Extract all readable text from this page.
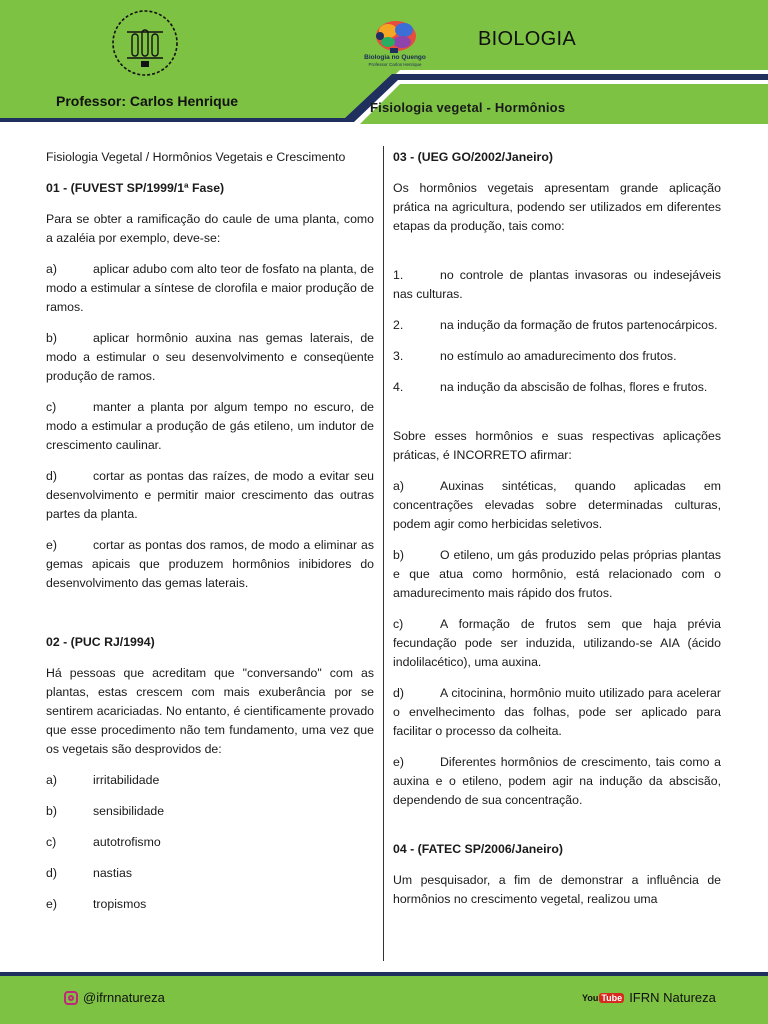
Professor: Carlos Henrique
Biologia no Quengo
Professor Carlos Henrique
BIOLOGIA
Fisiologia vegetal - Hormônios

Fisiologia Vegetal / Hormônios Vegetais e Crescimento

01 - (FUVEST SP/1999/1ª Fase)

Para se obter a ramificação do caule de uma planta, como a azaléia por exemplo, deve-se:

a)	aplicar adubo com alto teor de fosfato na planta, de modo a estimular a síntese de clorofila e maior produção de ramos.

b)	aplicar hormônio auxina nas gemas laterais, de modo a estimular o seu desenvolvimento e conseqüente produção de ramos.

c)	manter a planta por algum tempo no escuro, de modo a estimular a produção de gás etileno, um indutor de crescimento caulinar.

d)	cortar as pontas das raízes, de modo a evitar seu desenvolvimento e permitir maior crescimento das outras partes da planta.

e)	cortar as pontas dos ramos, de modo a eliminar as gemas apicais que produzem hormônios inibidores do desenvolvimento das gemas laterais.

02 - (PUC RJ/1994)

Há pessoas que acreditam que "conversando" com as plantas, estas crescem com mais exuberância por se sentirem acariciadas. No entanto, é cientificamente provado que esse procedimento não tem fundamento, uma vez que os vegetais são desprovidos de:

a)	irritabilidade

b)	sensibilidade

c)	autotrofismo

d)	nastias

e)	tropismos

03 - (UEG GO/2002/Janeiro)

Os hormônios vegetais apresentam grande aplicação prática na agricultura, podendo ser utilizados em diferentes etapas da produção, tais como:

1.	no controle de plantas invasoras ou indesejáveis nas culturas.

2.	na indução da formação de frutos partenocárpicos.

3.	no estímulo ao amadurecimento dos frutos.

4.	na indução da abscisão de folhas, flores e frutos.

Sobre esses hormônios e suas respectivas aplicações práticas, é INCORRETO afirmar:

a)	Auxinas sintéticas, quando aplicadas em concentrações elevadas sobre determinadas culturas, podem agir como herbicidas seletivos.

b)	O etileno, um gás produzido pelas próprias plantas e que atua como hormônio, está relacionado com o amadurecimento mais rápido dos frutos.

c)	A formação de frutos sem que haja prévia fecundação pode ser induzida, utilizando-se AIA (ácido indolilacético), uma auxina.

d)	A citocinina, hormônio muito utilizado para acelerar o envelhecimento das folhas, pode ser aplicado para facilitar o processo da colheita.

e)	Diferentes hormônios de crescimento, tais como a auxina e o etileno, podem agir na indução da abscisão, dependendo de sua concentração.

04 - (FATEC SP/2006/Janeiro)

Um pesquisador, a fim de demonstrar a influência de hormônios no crescimento vegetal, realizou uma

@ifrnnatureza	You Tube IFRN Natureza
